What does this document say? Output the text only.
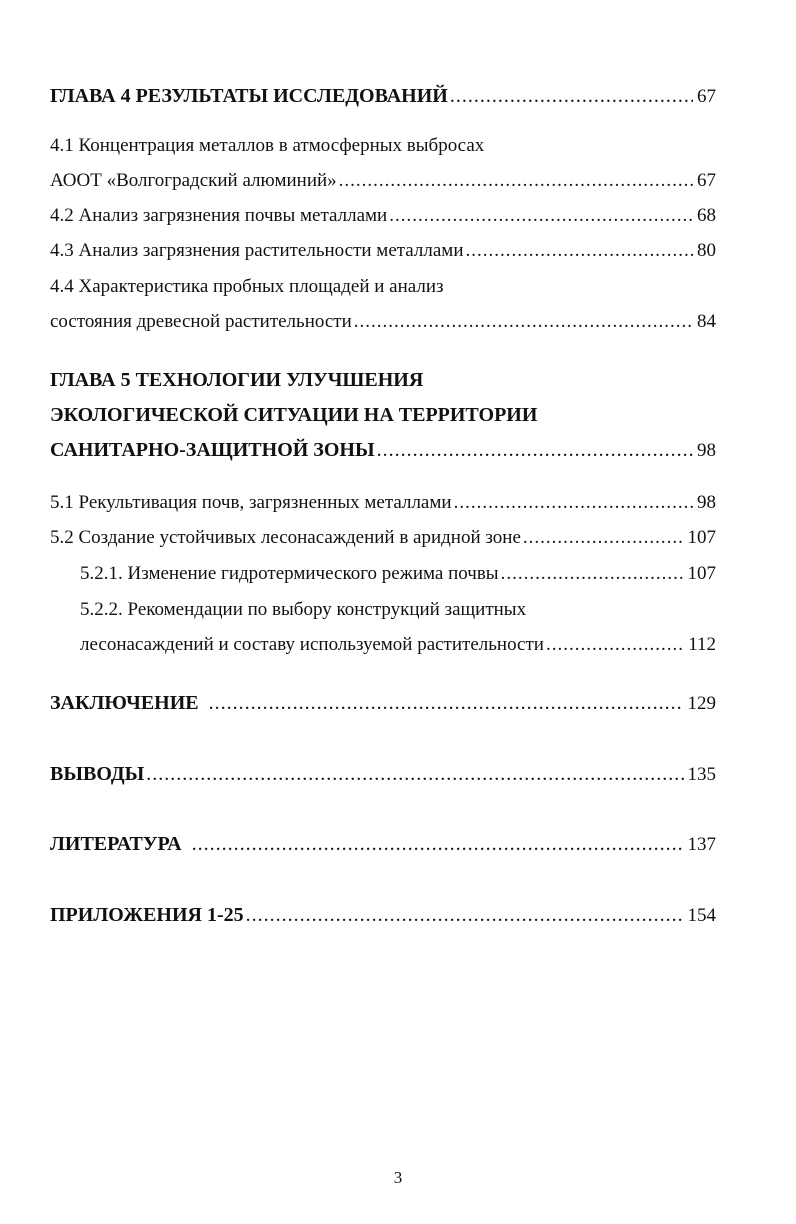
ГЛАВА 4 РЕЗУЛЬТАТЫ ИССЛЕДОВАНИЙ .....	67
4.1 Концентрация металлов в атмосферных выбросах
АООТ «Волгоградский алюминий» .....	67
4.2 Анализ загрязнения почвы металлами .....	68
4.3 Анализ загрязнения растительности металлами .....	80
4.4 Характеристика пробных площадей и анализ
состояния древесной растительности .....	84
ГЛАВА 5 ТЕХНОЛОГИИ УЛУЧШЕНИЯ
ЭКОЛОГИЧЕСКОЙ СИТУАЦИИ НА ТЕРРИТОРИИ
САНИТАРНО-ЗАЩИТНОЙ ЗОНЫ .....	98
5.1 Рекультивация почв, загрязненных металлами .....	98
5.2 Создание устойчивых лесонасаждений в аридной зоне .....	107
5.2.1. Изменение гидротермического режима почвы .....	107
5.2.2. Рекомендации по выбору конструкций защитных
лесонасаждений и составу используемой растительности .....	112
ЗАКЛЮЧЕНИЕ .....	129
ВЫВОДЫ .....	135
ЛИТЕРАТУРА .....	137
ПРИЛОЖЕНИЯ 1-25 .....	154
3
